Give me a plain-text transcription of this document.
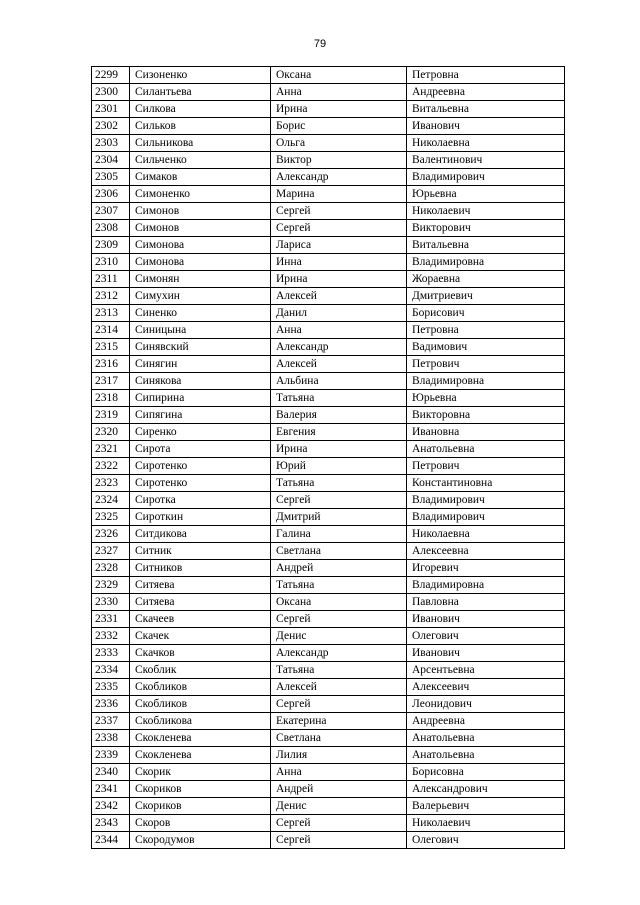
79
2299	Сизоненко	Оксана	Петровна
2300	Силантьева	Анна	Андреевна
2301	Силкова	Ирина	Витальевна
2302	Сильков	Борис	Иванович
2303	Сильникова	Ольга	Николаевна
2304	Сильченко	Виктор	Валентинович
2305	Симаков	Александр	Владимирович
2306	Симоненко	Марина	Юрьевна
2307	Симонов	Сергей	Николаевич
2308	Симонов	Сергей	Викторович
2309	Симонова	Лариса	Витальевна
2310	Симонова	Инна	Владимировна
2311	Симонян	Ирина	Жораевна
2312	Симухин	Алексей	Дмитриевич
2313	Синенко	Данил	Борисович
2314	Синицына	Анна	Петровна
2315	Синявский	Александр	Вадимович
2316	Синягин	Алексей	Петрович
2317	Синякова	Альбина	Владимировна
2318	Сипирина	Татьяна	Юрьевна
2319	Сипягина	Валерия	Викторовна
2320	Сиренко	Евгения	Ивановна
2321	Сирота	Ирина	Анатольевна
2322	Сиротенко	Юрий	Петрович
2323	Сиротенко	Татьяна	Константиновна
2324	Сиротка	Сергей	Владимирович
2325	Сироткин	Дмитрий	Владимирович
2326	Ситдикова	Галина	Николаевна
2327	Ситник	Светлана	Алексеевна
2328	Ситников	Андрей	Игоревич
2329	Ситяева	Татьяна	Владимировна
2330	Ситяева	Оксана	Павловна
2331	Скачеев	Сергей	Иванович
2332	Скачек	Денис	Олегович
2333	Скачков	Александр	Иванович
2334	Скоблик	Татьяна	Арсентьевна
2335	Скобликов	Алексей	Алексеевич
2336	Скобликов	Сергей	Леонидович
2337	Скобликова	Екатерина	Андреевна
2338	Скокленева	Светлана	Анатольевна
2339	Скокленева	Лилия	Анатольевна
2340	Скорик	Анна	Борисовна
2341	Скориков	Андрей	Александрович
2342	Скориков	Денис	Валерьевич
2343	Скоров	Сергей	Николаевич
2344	Скородумов	Сергей	Олегович
